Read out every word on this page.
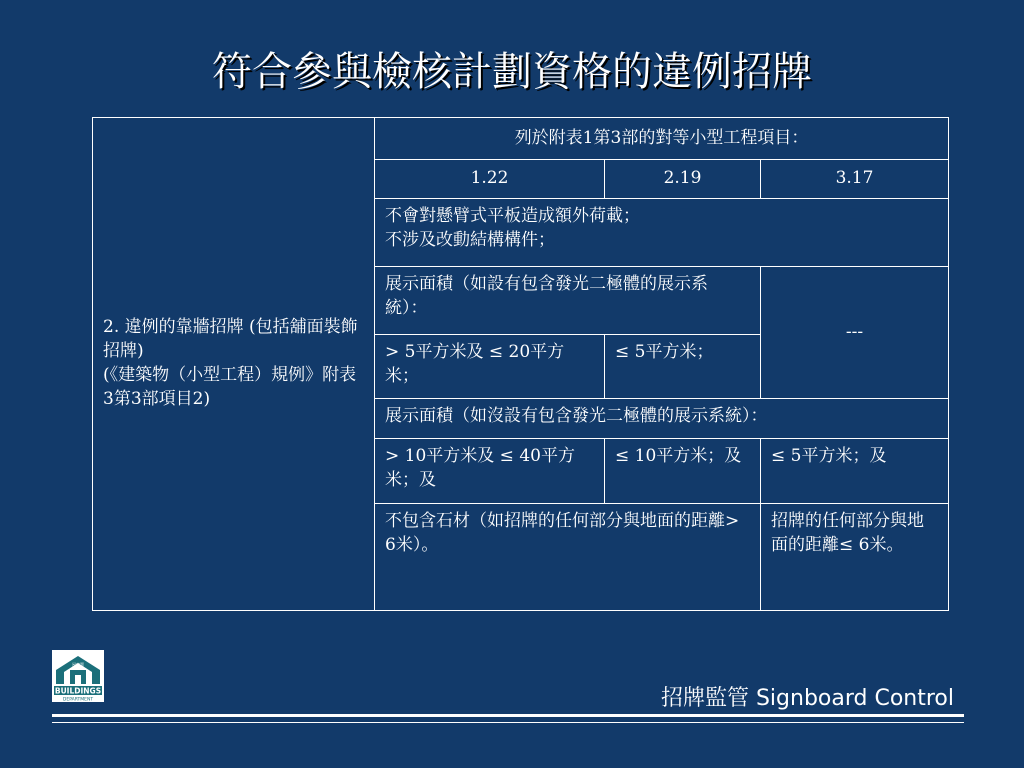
符合參與檢核計劃資格的違例招牌
2. 違例的靠牆招牌 (包括舖面裝飾招牌)
(《建築物（小型工程）規例》附表3第3部項目2)	列於附表1第3部的對等小型工程項目：		
	1.22	2.19	3.17
	不會對懸臂式平板造成額外荷載；
不涉及改動結構構件；		
	展示面積（如設有包含發光二極體的展示系統）：		---
	> 5平方米及 ≤ 20平方米；	≤ 5平方米；	
	展示面積（如沒設有包含發光二極體的展示系統）：		
	> 10平方米及 ≤ 40平方米；及	≤ 10平方米；及	≤ 5平方米；及
	不包含石材（如招牌的任何部分與地面的距離> 6米）。		招牌的任何部分與地面的距離≤ 6米。
BUILDINGS
DEPARTMENT
屋宇署
招牌監管 Signboard Control
